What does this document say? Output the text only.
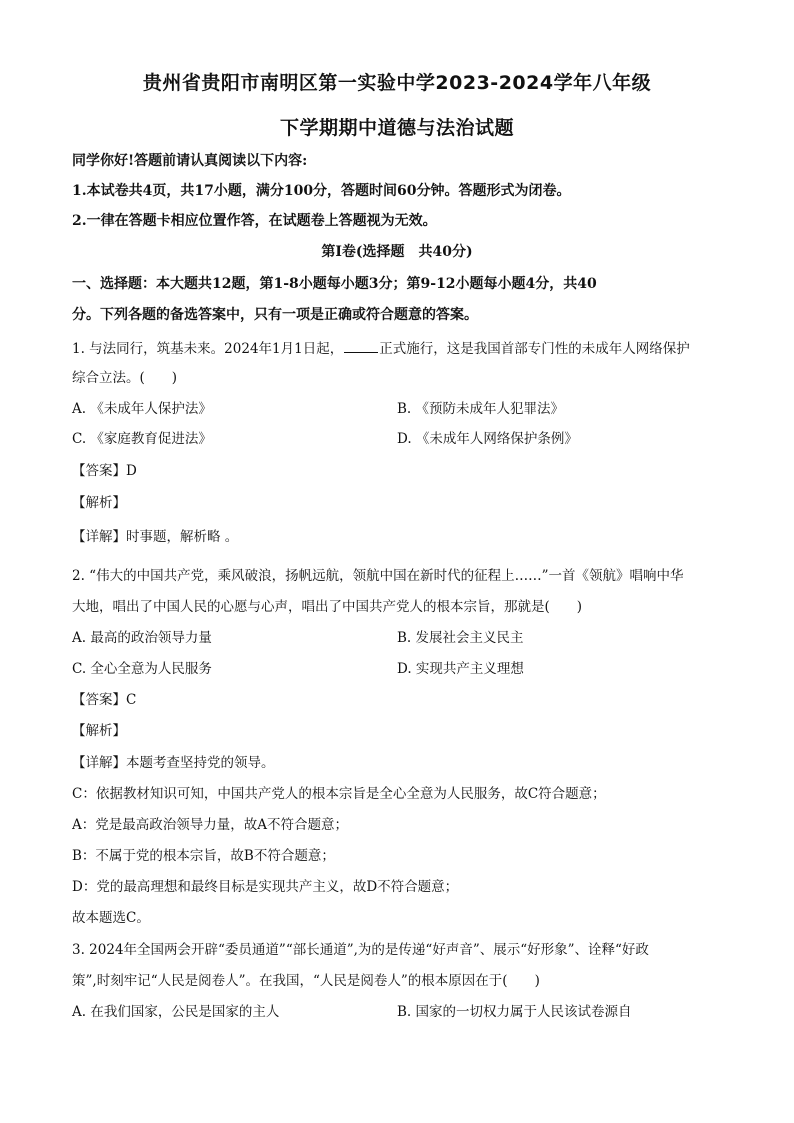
贵州省贵阳市南明区第一实验中学2023-2024学年八年级
下学期期中道德与法治试题
同学你好!答题前请认真阅读以下内容:
1.本试卷共4页，共17小题，满分100分，答题时间60分钟。答题形式为闭卷。
2.一律在答题卡相应位置作答，在试题卷上答题视为无效。
第Ⅰ卷(选择题　共40分)
一、选择题：本大题共12题，第1-8小题每小题3分；第9-12小题每小题4分，共40
分。下列各题的备选答案中，只有一项是正确或符合题意的答案。
1. 与法同行，筑基未来。2024年1月1日起，	正式施行，这是我国首部专门性的未成年人网络保护
综合立法。(　　)
A. 《未成年人保护法》	B. 《预防未成年人犯罪法》
C. 《家庭教育促进法》	D. 《未成年人网络保护条例》
【答案】D
【解析】
【详解】时事题，解析略 。
2. “伟大的中国共产党，乘风破浪，扬帆远航，领航中国在新时代的征程上……”一首《领航》唱响中华
大地，唱出了中国人民的心愿与心声，唱出了中国共产党人的根本宗旨，那就是(　　)
A. 最高的政治领导力量	B. 发展社会主义民主
C. 全心全意为人民服务	D. 实现共产主义理想
【答案】C
【解析】
【详解】本题考查坚持党的领导。
C：依据教材知识可知，中国共产党人的根本宗旨是全心全意为人民服务，故C符合题意；
A：党是最高政治领导力量，故A不符合题意；
B：不属于党的根本宗旨，故B不符合题意；
D：党的最高理想和最终目标是实现共产主义，故D不符合题意；
故本题选C。
3. 2024年全国两会开辟“委员通道”“部长通道”,为的是传递“好声音”、展示“好形象”、诠释“好政
策”,时刻牢记“人民是阅卷人”。在我国，“人民是阅卷人”的根本原因在于(　　)
A. 在我们国家，公民是国家的主人	B. 国家的一切权力属于人民该试卷源自
